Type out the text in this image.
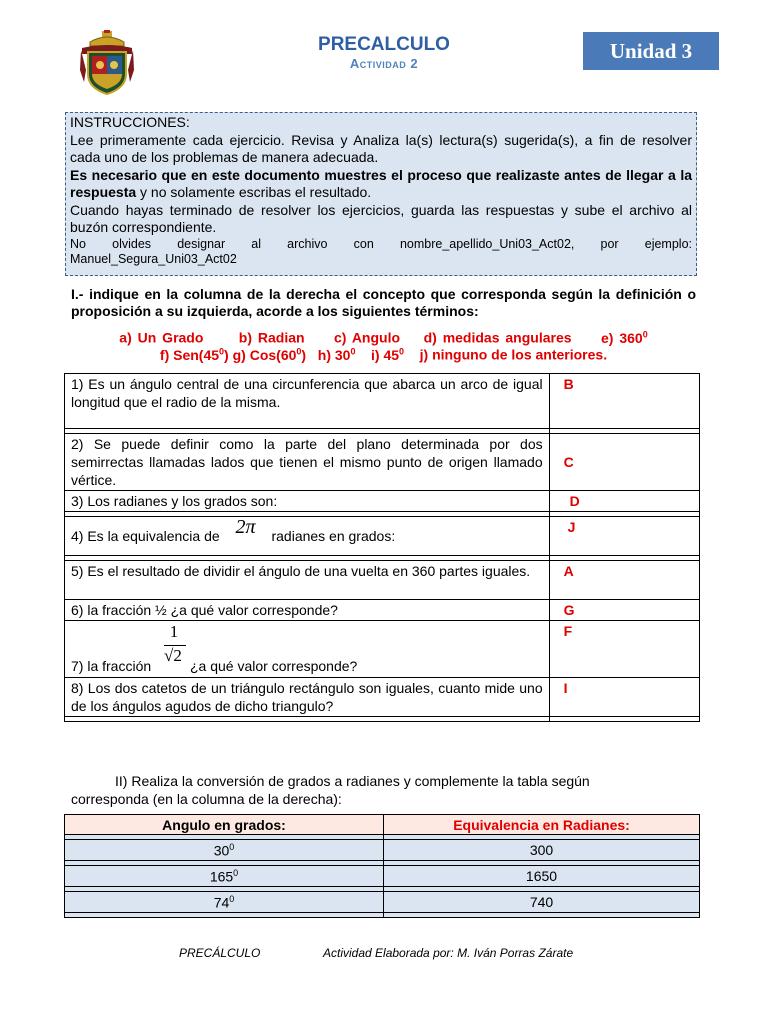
PRECALCULO
Actividad 2
Unidad 3

INSTRUCCIONES:

Lee primeramente cada ejercicio. Revisa y Analiza la(s) lectura(s) sugerida(s), a fin de resolver cada uno de los problemas de manera adecuada.

Es necesario que en este documento muestres el proceso que realizaste antes de llegar a la respuesta y no solamente escribas el resultado.

Cuando hayas terminado de resolver los ejercicios, guarda las respuestas y sube el archivo al buzón correspondiente.

No olvides designar al archivo con nombre_apellido_Uni03_Act02, por ejemplo:
Manuel_Segura_Uni03_Act02
I.- indique en la columna de la derecha el concepto que corresponda según la definición o proposición a su izquierda, acorde a los siguientes términos:
a) Un Grado	b) Radian c) Angulo d) medidas angulares e) $360^0$
f) $Sen(45^0)$ g) $Cos(60^0)$ h) $30^0$ i) $45^0$ j) ninguno de los anteriores.
1) Es un ángulo central de una circunferencia que abarca un arco de igual longitud que el radio de la misma.	B

2) Se puede definir como la parte del plano determinada por dos semirrectas llamadas lados que tienen el mismo punto de origen llamado vértice.	C
3) Los radianes y los grados son:	D

4) Es la equivalencia de 2π radianes en grados:	J

5) Es el resultado de dividir el ángulo de una vuelta en 360 partes iguales.	A
6) la fracción ½ ¿a qué valor corresponde?	G

7) la fracción
1
√2
¿a qué valor corresponde?	F
8) Los dos catetos de un triángulo rectángulo son iguales, cuanto mide uno de los ángulos agudos de dicho triangulo?	I

II) Realiza la conversión de grados a radianes y complemente la tabla según corresponda (en la columna de la derecha):
Angulo en grados:	Equivalencia en Radianes:

$30^0$	300

$165^0$	1650

$74^0$	740

PRECÁLCULO	Actividad Elaborada por: M. Iván Porras Zárate
